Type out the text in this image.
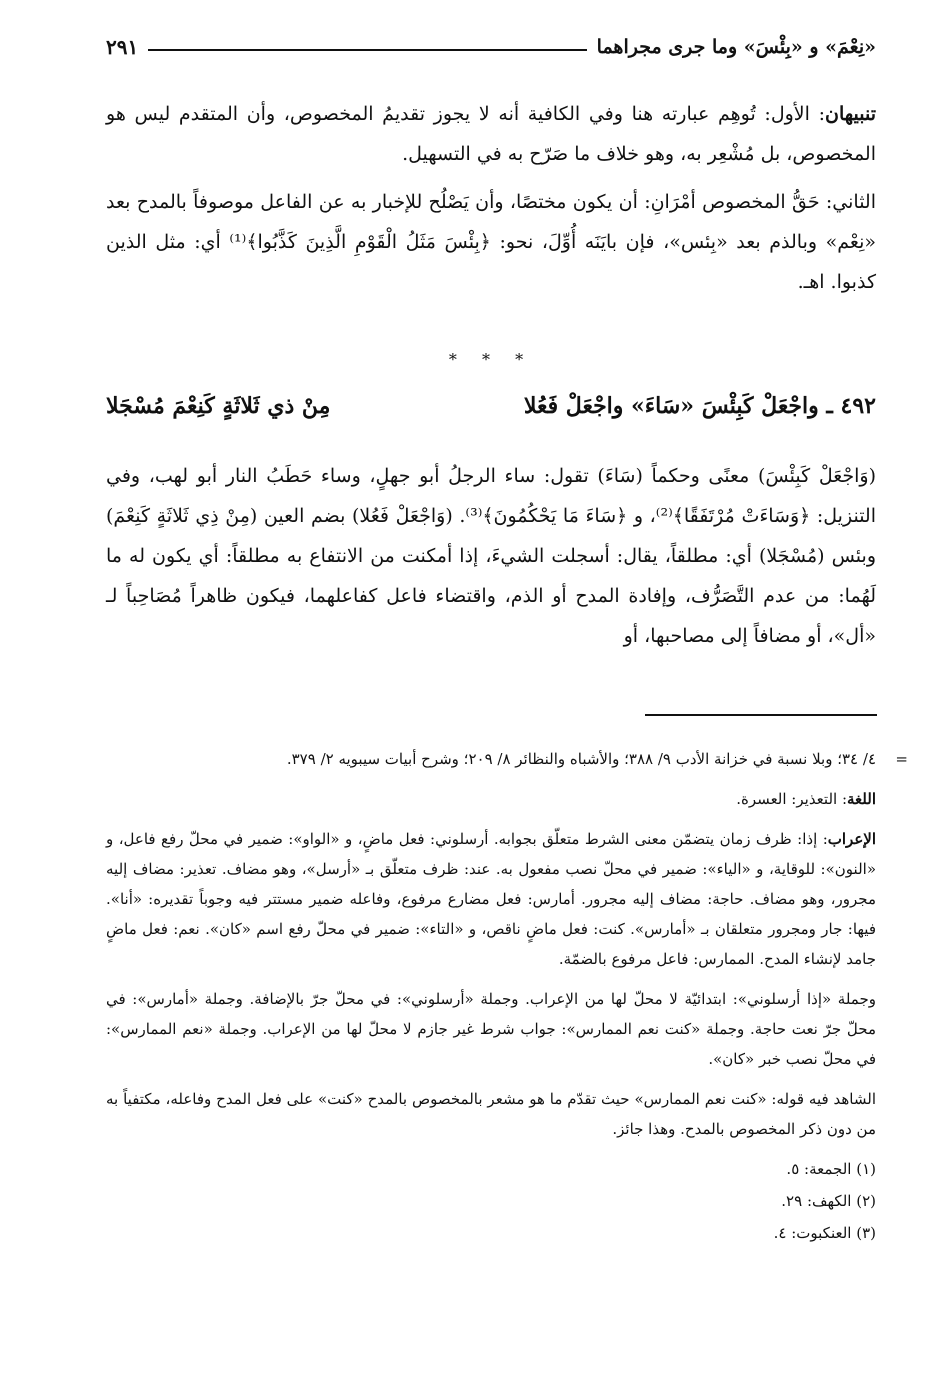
«نِعْمَ» و «بِئْسَ» وما جرى مجراهما
٢٩١

تنبيهان: الأول: تُوهِم عبارته هنا وفي الكافية أنه لا يجوز تقديمُ المخصوص، وأن المتقدم ليس هو المخصوص، بل مُشْعِر به، وهو خلاف ما صَرّح به في التسهيل.

الثاني: حَقُّ المخصوص أمْرَانِ: أن يكون مختصًا، وأن يَصْلُح للإخبار به عن الفاعل موصوفاً بالمدح بعد «نِعْم» وبالذم بعد «بِئس»، فإن بايَنَه أُوِّلَ، نحو: ﴿بِئْسَ مَثَلُ الْقَوْمِ الَّذِينَ كَذَّبُوا﴾⁽¹⁾ أي: مثل الذين كذبوا. اهـ.

* * *
٤٩٢ ـ واجْعَلْ كَبِئْسَ «سَاءَ» واجْعَلْ فَعُلا
مِنْ ذي ثَلاثَةٍ كَنِعْمَ مُسْجَلا

(وَاجْعَلْ كَبِئْسَ) معنًى وحكماً (سَاءَ) تقول: ساء الرجلُ أبو جهلٍ، وساء حَطَبُ النار أبو لهب، وفي التنزيل: ﴿وَسَاءَتْ مُرْتَفَقًا﴾⁽²⁾، و ﴿سَاءَ مَا يَحْكُمُونَ﴾⁽³⁾. (وَاجْعَلْ فَعُلا) بضم العين (مِنْ ذِي ثَلاثَةٍ كَنِعْمَ) وبئس (مُسْجَلا) أي: مطلقاً، يقال: أسجلت الشيءَ، إذا أمكنت من الانتفاع به مطلقاً: أي يكون له ما لَهُما: من عدم التَّصَرُّف، وإفادة المدح أو الذم، واقتضاء فاعل كفاعلهما، فيكون ظاهراً مُصَاحِباً لـ «أل»، أو مضافاً إلى مصاحبها، أو

=
٤/ ٣٤؛ وبلا نسبة في خزانة الأدب ٩/ ٣٨٨؛ والأشباه والنظائر ٨/ ٢٠٩؛ وشرح أبيات سيبويه ٢/ ٣٧٩.

اللغة: التعذير: العسرة.

الإعراب: إذا: ظرف زمان يتضمّن معنى الشرط متعلّق بجوابه. أرسلوني: فعل ماضٍ، و «الواو»: ضمير في محلّ رفع فاعل، و «النون»: للوقاية، و «الياء»: ضمير في محلّ نصب مفعول به. عند: ظرف متعلّق بـ «أرسل»، وهو مضاف. تعذير: مضاف إليه مجرور، وهو مضاف. حاجة: مضاف إليه مجرور. أمارس: فعل مضارع مرفوع، وفاعله ضمير مستتر فيه وجوباً تقديره: «أنا». فيها: جار ومجرور متعلقان بـ «أمارس». كنت: فعل ماضٍ ناقص، و «التاء»: ضمير في محلّ رفع اسم «كان». نعم: فعل ماضٍ جامد لإنشاء المدح. الممارس: فاعل مرفوع بالضمّة.

وجملة «إذا أرسلوني»: ابتدائيّة لا محلّ لها من الإعراب. وجملة «أرسلوني»: في محلّ جرّ بالإضافة. وجملة «أمارس»: في محلّ جرّ نعت حاجة. وجملة «كنت نعم الممارس»: جواب شرط غير جازم لا محلّ لها من الإعراب. وجملة «نعم الممارس»: في محلّ نصب خبر «كان».

الشاهد فيه قوله: «كنت نعم الممارس» حيث تقدّم ما هو مشعر بالمخصوص بالمدح «كنت» على فعل المدح وفاعله، مكتفياً به من دون ذكر المخصوص بالمدح. وهذا جائز.

(١) الجمعة: ٥.

(٢) الكهف: ٢٩.

(٣) العنكبوت: ٤.
